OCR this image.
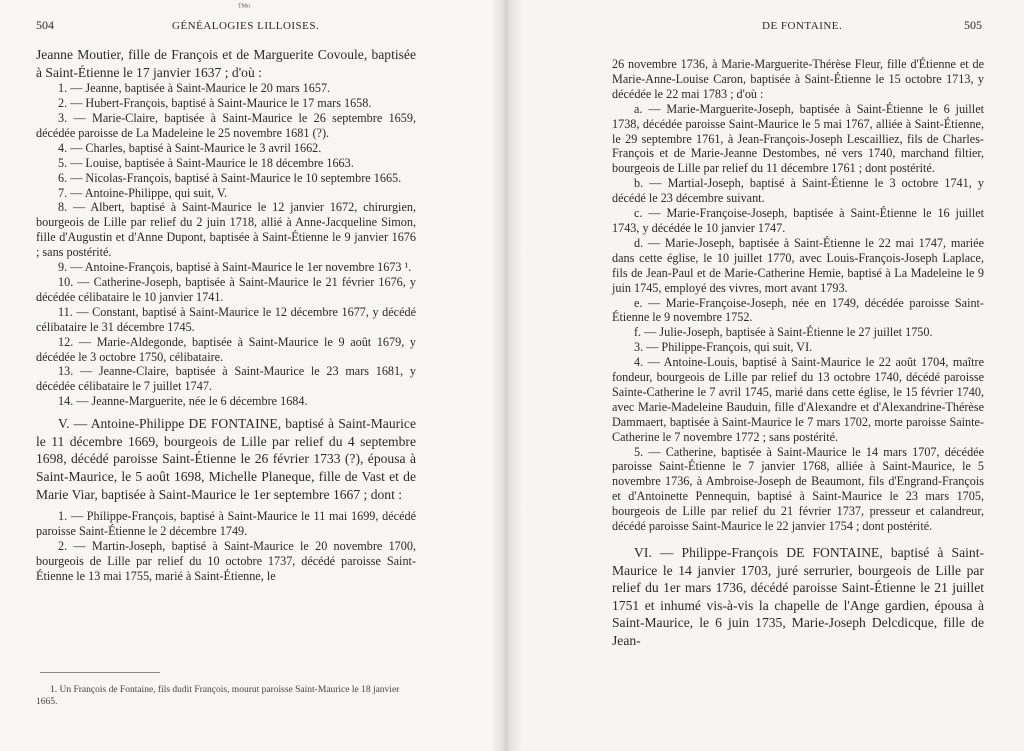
ᵀᴹᵒ
504	GÉNÉALOGIES LILLOISES.

Jeanne Moutier, fille de François et de Marguerite Covoule, baptisée à Saint-Étienne le 17 janvier 1637 ; d'où :

1. — Jeanne, baptisée à Saint-Maurice le 20 mars 1657.

2. — Hubert-François, baptisé à Saint-Maurice le 17 mars 1658.

3. — Marie-Claire, baptisée à Saint-Maurice le 26 septembre 1659, décédée paroisse de La Madeleine le 25 novembre 1681 (?).

4. — Charles, baptisé à Saint-Maurice le 3 avril 1662.

5. — Louise, baptisée à Saint-Maurice le 18 décembre 1663.

6. — Nicolas-François, baptisé à Saint-Maurice le 10 septembre 1665.

7. — Antoine-Philippe, qui suit, V.

8. — Albert, baptisé à Saint-Maurice le 12 janvier 1672, chirurgien, bourgeois de Lille par relief du 2 juin 1718, allié à Anne-Jacqueline Simon, fille d'Augustin et d'Anne Dupont, baptisée à Saint-Étienne le 9 janvier 1676 ; sans postérité.

9. — Antoine-François, baptisé à Saint-Maurice le 1er novembre 1673 ¹.

10. — Catherine-Joseph, baptisée à Saint-Maurice le 21 février 1676, y décédée célibataire le 10 janvier 1741.

11. — Constant, baptisé à Saint-Maurice le 12 décembre 1677, y décédé célibataire le 31 décembre 1745.

12. — Marie-Aldegonde, baptisée à Saint-Maurice le 9 août 1679, y décédée le 3 octobre 1750, célibataire.

13. — Jeanne-Claire, baptisée à Saint-Maurice le 23 mars 1681, y décédée célibataire le 7 juillet 1747.

14. — Jeanne-Marguerite, née le 6 décembre 1684.

V. — Antoine-Philippe DE FONTAINE, baptisé à Saint-Maurice le 11 décembre 1669, bourgeois de Lille par relief du 4 septembre 1698, décédé paroisse Saint-Étienne le 26 février 1733 (?), épousa à Saint-Maurice, le 5 août 1698, Michelle Planeque, fille de Vast et de Marie Viar, baptisée à Saint-Maurice le 1er septembre 1667 ; dont :

1. — Philippe-François, baptisé à Saint-Maurice le 11 mai 1699, décédé paroisse Saint-Étienne le 2 décembre 1749.

2. — Martin-Joseph, baptisé à Saint-Maurice le 20 novembre 1700, bourgeois de Lille par relief du 10 octobre 1737, décédé paroisse Saint-Étienne le 13 mai 1755, marié à Saint-Étienne, le

1. Un François de Fontaine, fils dudit François, mourut paroisse Saint-Maurice le 18 janvier 1665.

DE FONTAINE.	505

26 novembre 1736, à Marie-Marguerite-Thérèse Fleur, fille d'Étienne et de Marie-Anne-Louise Caron, baptisée à Saint-Étienne le 15 octobre 1713, y décédée le 22 mai 1783 ; d'où :

a. — Marie-Marguerite-Joseph, baptisée à Saint-Étienne le 6 juillet 1738, décédée paroisse Saint-Maurice le 5 mai 1767, alliée à Saint-Étienne, le 29 septembre 1761, à Jean-François-Joseph Lescailliez, fils de Charles-François et de Marie-Jeanne Destombes, né vers 1740, marchand filtier, bourgeois de Lille par relief du 11 décembre 1761 ; dont postérité.

b. — Martial-Joseph, baptisé à Saint-Étienne le 3 octobre 1741, y décédé le 23 décembre suivant.

c. — Marie-Françoise-Joseph, baptisée à Saint-Étienne le 16 juillet 1743, y décédée le 10 janvier 1747.

d. — Marie-Joseph, baptisée à Saint-Étienne le 22 mai 1747, mariée dans cette église, le 10 juillet 1770, avec Louis-François-Joseph Laplace, fils de Jean-Paul et de Marie-Catherine Hemie, baptisé à La Madeleine le 9 juin 1745, employé des vivres, mort avant 1793.

e. — Marie-Françoise-Joseph, née en 1749, décédée paroisse Saint-Étienne le 9 novembre 1752.

f. — Julie-Joseph, baptisée à Saint-Étienne le 27 juillet 1750.

3. — Philippe-François, qui suit, VI.

4. — Antoine-Louis, baptisé à Saint-Maurice le 22 août 1704, maître fondeur, bourgeois de Lille par relief du 13 octobre 1740, décédé paroisse Sainte-Catherine le 7 avril 1745, marié dans cette église, le 15 février 1740, avec Marie-Madeleine Bauduin, fille d'Alexandre et d'Alexandrine-Thérèse Dammaert, baptisée à Saint-Maurice le 7 mars 1702, morte paroisse Sainte-Catherine le 7 novembre 1772 ; sans postérité.

5. — Catherine, baptisée à Saint-Maurice le 14 mars 1707, décédée paroisse Saint-Étienne le 7 janvier 1768, alliée à Saint-Maurice, le 5 novembre 1736, à Ambroise-Joseph de Beaumont, fils d'Engrand-François et d'Antoinette Pennequin, baptisé à Saint-Maurice le 23 mars 1705, bourgeois de Lille par relief du 21 février 1737, presseur et calandreur, décédé paroisse Saint-Maurice le 22 janvier 1754 ; dont postérité.

VI. — Philippe-François DE FONTAINE, baptisé à Saint-Maurice le 14 janvier 1703, juré serrurier, bourgeois de Lille par relief du 1er mars 1736, décédé paroisse Saint-Étienne le 21 juillet 1751 et inhumé vis-à-vis la chapelle de l'Ange gardien, épousa à Saint-Maurice, le 6 juin 1735, Marie-Joseph Delcdicque, fille de Jean-
